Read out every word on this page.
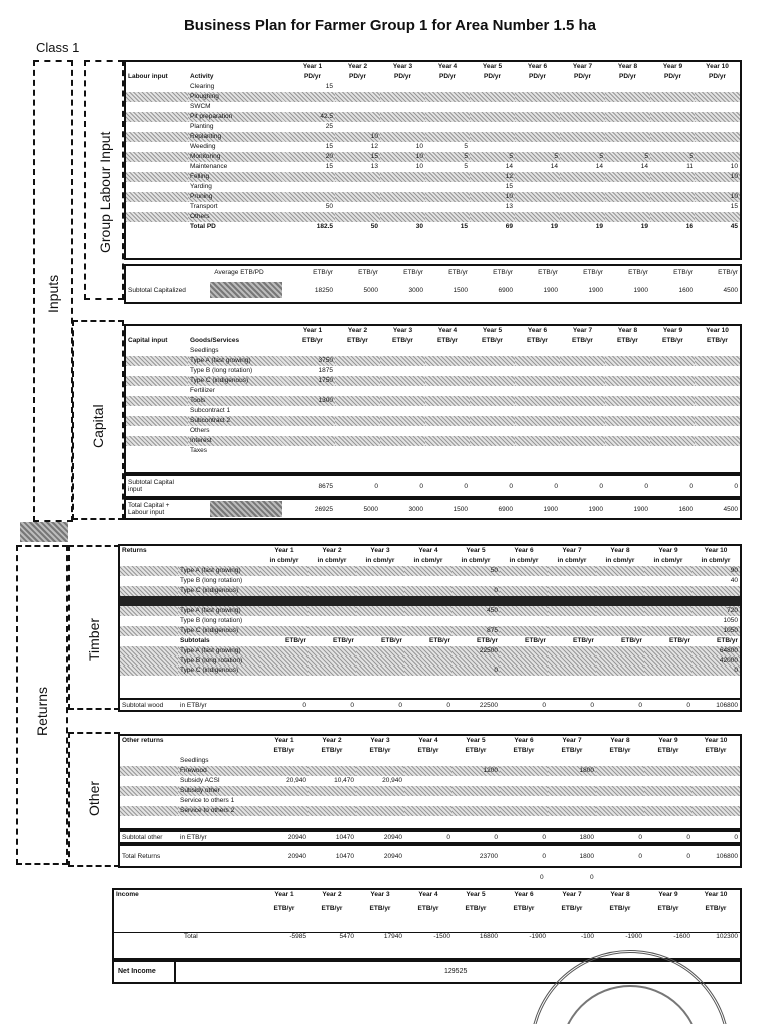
Business Plan for Farmer Group 1 for Area Number 1.5 ha
Class 1
Inputs
Returns
Group Labour Input
Capital
Timber
Other
		Year 1	Year 2	Year 3	Year 4	Year 5	Year 6	Year 7	Year 8	Year 9	Year 10
Labour input	Activity	PD/yr	PD/yr	PD/yr	PD/yr	PD/yr	PD/yr	PD/yr	PD/yr	PD/yr	PD/yr
	Clearing	15									
	Ploughing										
	SWCM										
	Pit preparation	42.5									
	Planting	25									
	Replanting		10								
	Weeding	15	12	10	5						
	Monitoring	20	15	10	5	5	5	5	5	5	
	Maintenance	15	13	10	5	14	14	14	14	11	10
	Felling					12					10
	Yarding					15					
	Pruning					10					10
	Transport	50				13					15
	Others										
	Total PD	182.5	50	30	15	69	19	19	19	16	45
	Average ETB/PD	ETB/yr	ETB/yr	ETB/yr	ETB/yr	ETB/yr	ETB/yr	ETB/yr	ETB/yr	ETB/yr	ETB/yr
Subtotal Capitalized		18250	5000	3000	1500	6900	1900	1900	1900	1600	4500
		Year 1	Year 2	Year 3	Year 4	Year 5	Year 6	Year 7	Year 8	Year 9	Year 10
Capital input	Goods/Services	ETB/yr	ETB/yr	ETB/yr	ETB/yr	ETB/yr	ETB/yr	ETB/yr	ETB/yr	ETB/yr	ETB/yr
	Seedlings										
	Type A (fast growing)	3750									
	Type B (long rotation)	1875									
	Type C (indigenous)	1750									
	Fertilizer										
	Tools	1300									
	Subcontract 1										
	Subcontract 2										
	Others										
	Interest										
	Taxes										
Subtotal Capital input		8675	0	0	0	0	0	0	0	0	0
Total Capital + Labour input		26925	5000	3000	1500	6900	1900	1900	1900	1600	4500
Returns		Year 1	Year 2	Year 3	Year 4	Year 5	Year 6	Year 7	Year 8	Year 9	Year 10
		in cbm/yr	in cbm/yr	in cbm/yr	in cbm/yr	in cbm/yr	in cbm/yr	in cbm/yr	in cbm/yr	in cbm/yr	in cbm/yr
	Type A (fast growing)					50					90
	Type B (long rotation)										40
	Type C (indigenous)					0					

	Type A (fast growing)					450					720
	Type B (long rotation)										1050
	Type C (indigenous)					875					1050
	Subtotals	ETB/yr	ETB/yr	ETB/yr	ETB/yr	ETB/yr	ETB/yr	ETB/yr	ETB/yr	ETB/yr	ETB/yr
	Type A (fast growing)					22500					64800
	Type B (long rotation)										42000
	Type C (indigenous)					0					0
Subtotal wood	in ETB/yr	0	0	0	0	22500	0	0	0	0	106800
Other returns		Year 1	Year 2	Year 3	Year 4	Year 5	Year 6	Year 7	Year 8	Year 9	Year 10
		ETB/yr	ETB/yr	ETB/yr	ETB/yr	ETB/yr	ETB/yr	ETB/yr	ETB/yr	ETB/yr	ETB/yr
	Seedlings										
	Firewood					1200		1800			
	Subsidy ACSI	20,940	10,470	20,940							
	Subsidy other										
	Service to others 1										
	Service to others 2										
Subtotal other	in ETB/yr	20940	10470	20940	0	0	0	1800	0	0	0
Total Returns		20940	10470	20940		23700	0	1800	0	0	106800
0	0
Income		Year 1	Year 2	Year 3	Year 4	Year 5	Year 6	Year 7	Year 8	Year 9	Year 10
		ETB/yr	ETB/yr	ETB/yr	ETB/yr	ETB/yr	ETB/yr	ETB/yr	ETB/yr	ETB/yr	ETB/yr

	Total	-5985	5470	17940	-1500	16800	-1900	-100	-1900	-1600	102300
Net Income	129525
